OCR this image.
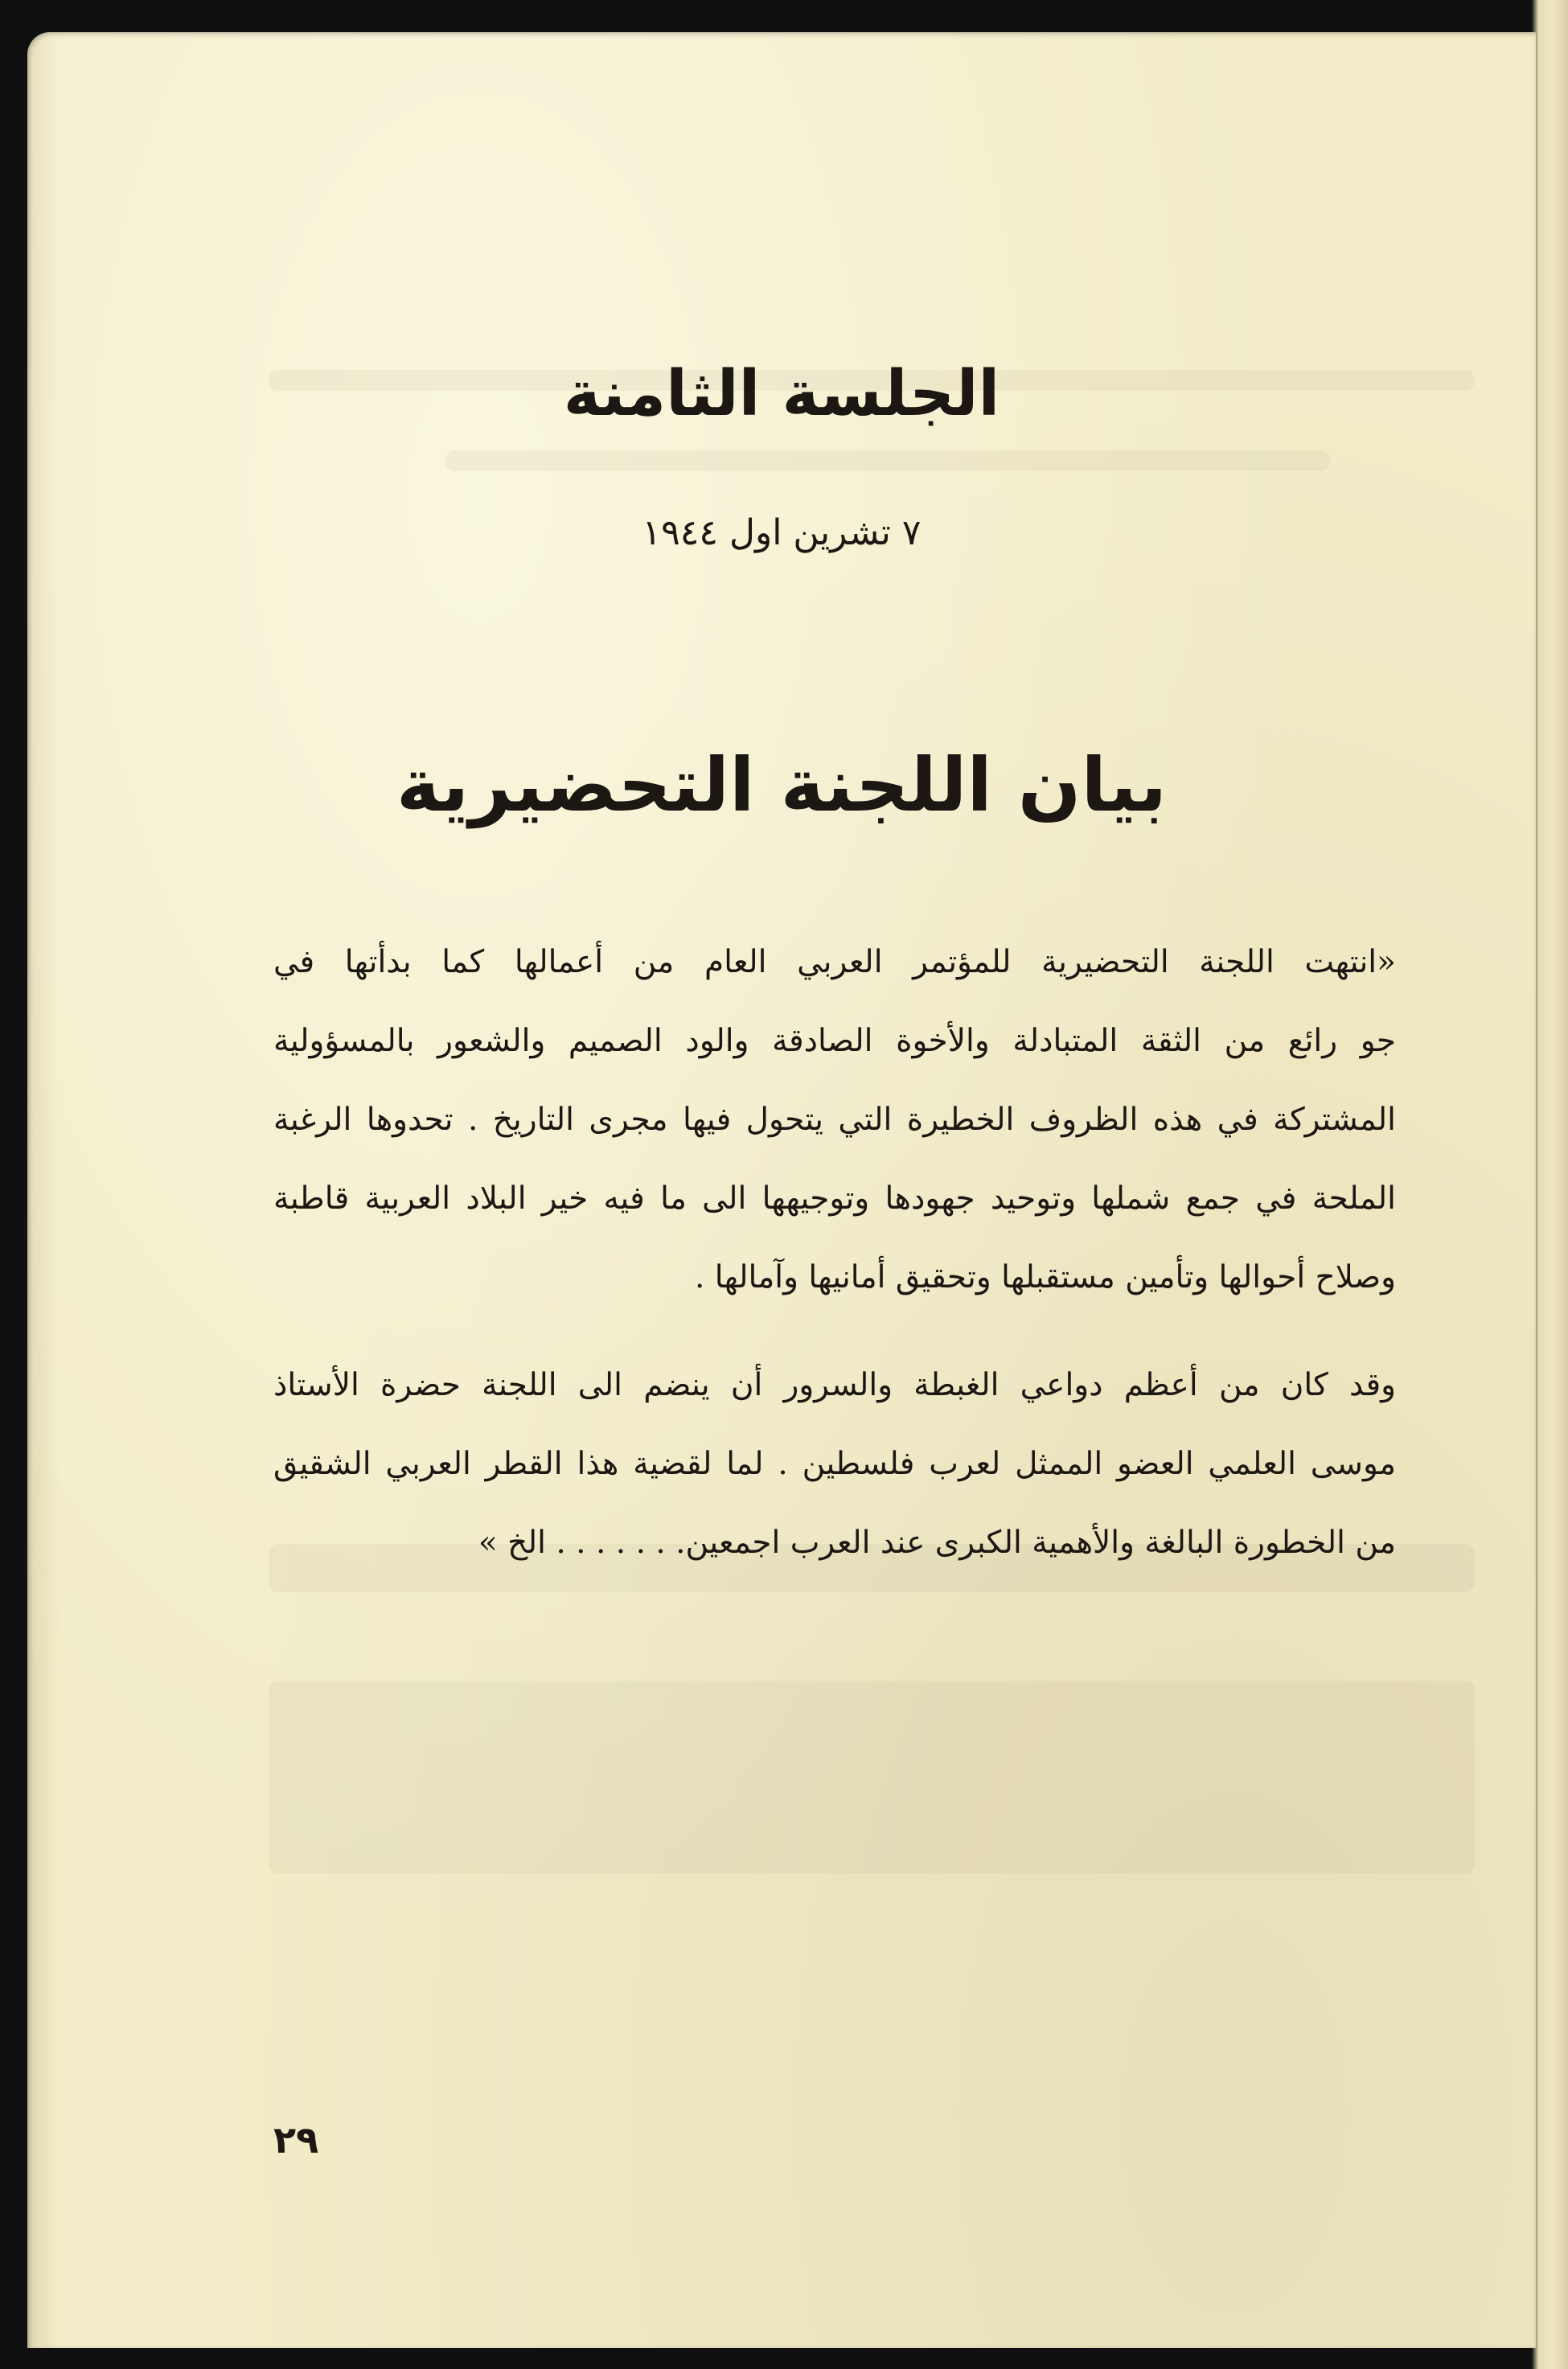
الجلسة الثامنة

٧ تشرين اول ١٩٤٤

بيان اللجنة التحضيرية

«انتهت اللجنة التحضيرية للمؤتمر العربي العام من أعمالها كما بدأتها في
جو رائع من الثقة المتبادلة والأخوة الصادقة والود الصميم والشعور بالمسؤولية
المشتركة في هذه الظروف الخطيرة التي يتحول فيها مجرى التاريخ . تحدوها الرغبة
الملحة في جمع شملها وتوحيد جهودها وتوجيهها الى ما فيه خير البلاد العربية قاطبة
وصلاح أحوالها وتأمين مستقبلها وتحقيق أمانيها وآمالها .

وقد كان من أعظم دواعي الغبطة والسرور أن ينضم الى اللجنة حضرة الأستاذ
موسى العلمي العضو الممثل لعرب فلسطين . لما لقضية هذا القطر العربي الشقيق
من الخطورة البالغة والأهمية الكبرى عند العرب اجمعين. . . . . . . الخ »

٢٩
